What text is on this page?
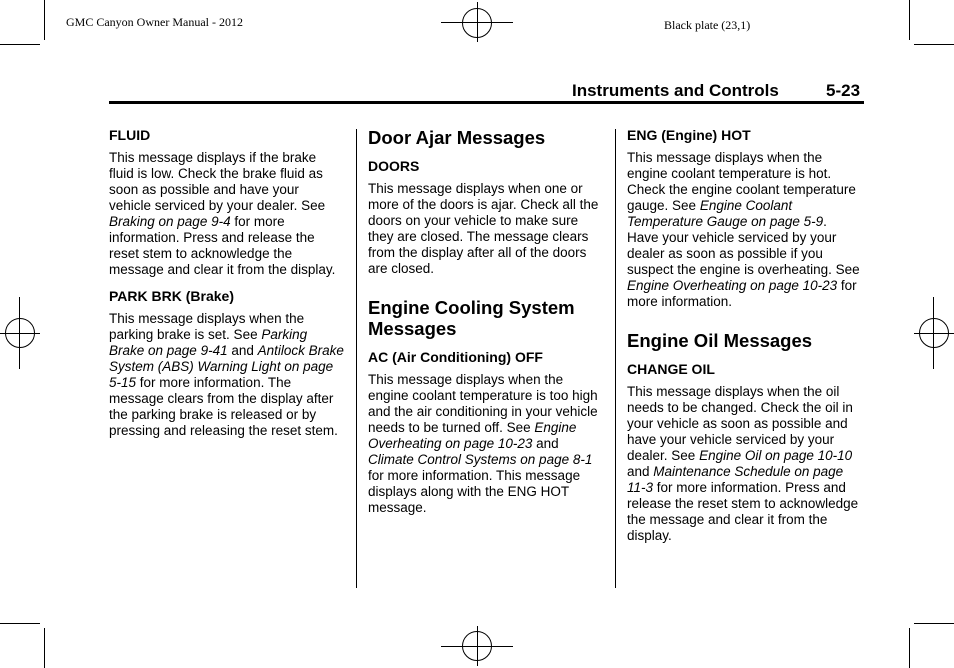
GMC Canyon Owner Manual - 2012	Black plate (23,1)
Instruments and Controls	5-23
FLUID

This message displays if the brake fluid is low. Check the brake fluid as soon as possible and have your vehicle serviced by your dealer. See Braking on page 9-4 for more information. Press and release the reset stem to acknowledge the message and clear it from the display.

PARK BRK (Brake)

This message displays when the parking brake is set. See Parking Brake on page 9-41 and Antilock Brake System (ABS) Warning Light on page 5-15 for more information. The message clears from the display after the parking brake is released or by pressing and releasing the reset stem.

Door Ajar Messages
DOORS

This message displays when one or more of the doors is ajar. Check all the doors on your vehicle to make sure they are closed. The message clears from the display after all of the doors are closed.

Engine Cooling System Messages
AC (Air Conditioning) OFF

This message displays when the engine coolant temperature is too high and the air conditioning in your vehicle needs to be turned off. See Engine Overheating on page 10-23 and Climate Control Systems on page 8-1 for more information. This message displays along with the ENG HOT message.

ENG (Engine) HOT

This message displays when the engine coolant temperature is hot. Check the engine coolant temperature gauge. See Engine Coolant Temperature Gauge on page 5-9. Have your vehicle serviced by your dealer as soon as possible if you suspect the engine is overheating. See Engine Overheating on page 10-23 for more information.

Engine Oil Messages
CHANGE OIL

This message displays when the oil needs to be changed. Check the oil in your vehicle as soon as possible and have your vehicle serviced by your dealer. See Engine Oil on page 10-10 and Maintenance Schedule on page 11-3 for more information. Press and release the reset stem to acknowledge the message and clear it from the display.
